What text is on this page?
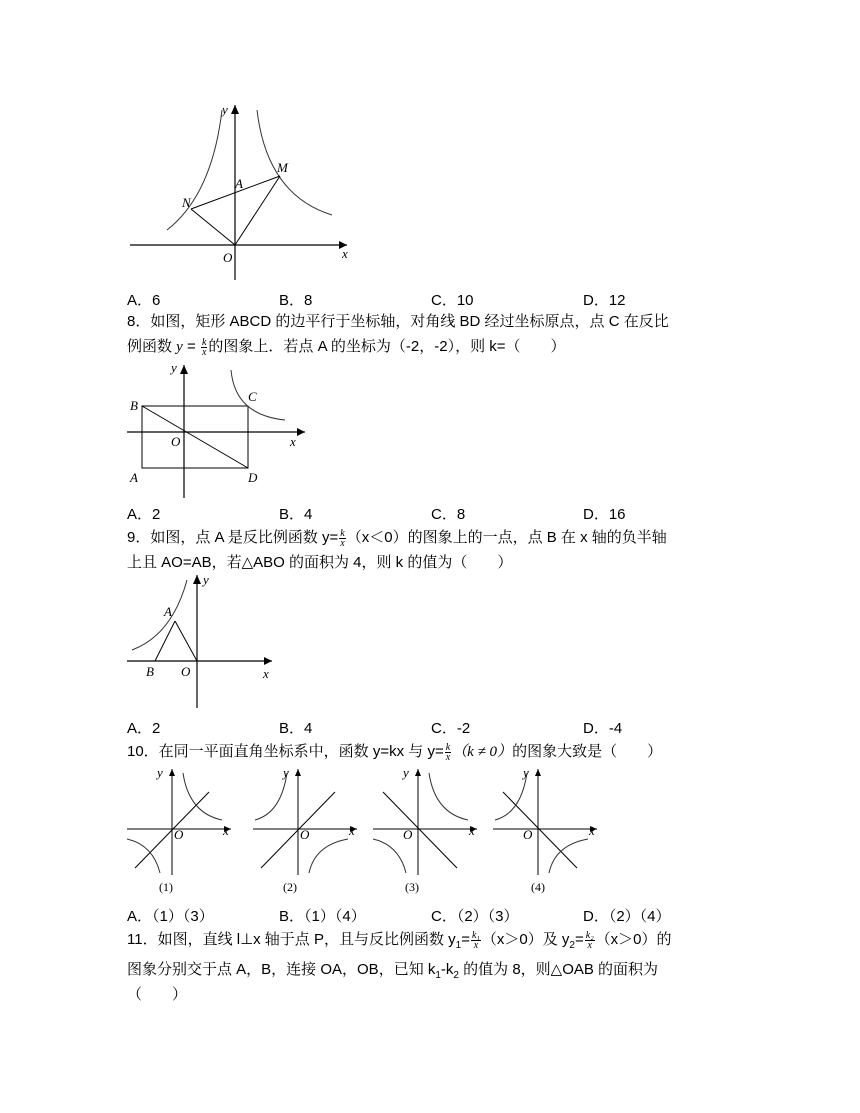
y
x
O
A
M
N
A．6	B．8	C．10	D．12
8．如图，矩形 ABCD 的边平行于坐标轴，对角线 BD 经过坐标原点，点 C 在反比
例函数 $y = \frac{k}{x}$ 的图象上．若点 A 的坐标为（-2，-2），则 k=（　　）
y
x
O
B
C
A	D
A．2	B．4	C．8	D．16
9．如图，点 A 是反比例函数 $y= \frac{k}{x} (x<0)$的图象上的一点，点 B 在 x 轴的负半轴
上且 AO=AB，若△ABO 的面积为 4，则 k 的值为（　　）
y
x
A
B O
A．2	B．4	C．-2	D．-4
10．在同一平面直角坐标系中，函数 y=kx 与 $y= \frac{k}{x} (k \ne 0)$的图象大致是（　　）
y
x
O
(1)
y
x
O
(2)
y
x
O
(3)
y
x
O
(4)
A．（1）（3）	B．（1）（4）	C．（2）（3）	D．（2）（4）
11．如图，直线 l⊥x 轴于点 P，且与反比例函数 $y_1= \frac{\text{k₁}}{x} (x>0)$及 $y_2= \frac{\text{k₂}}{x} (x>0)$的
图象分别交于点 A，B，连接 OA，OB，已知 $k_1-k_2$ 的值为 8，则△OAB 的面积为
（　　）
